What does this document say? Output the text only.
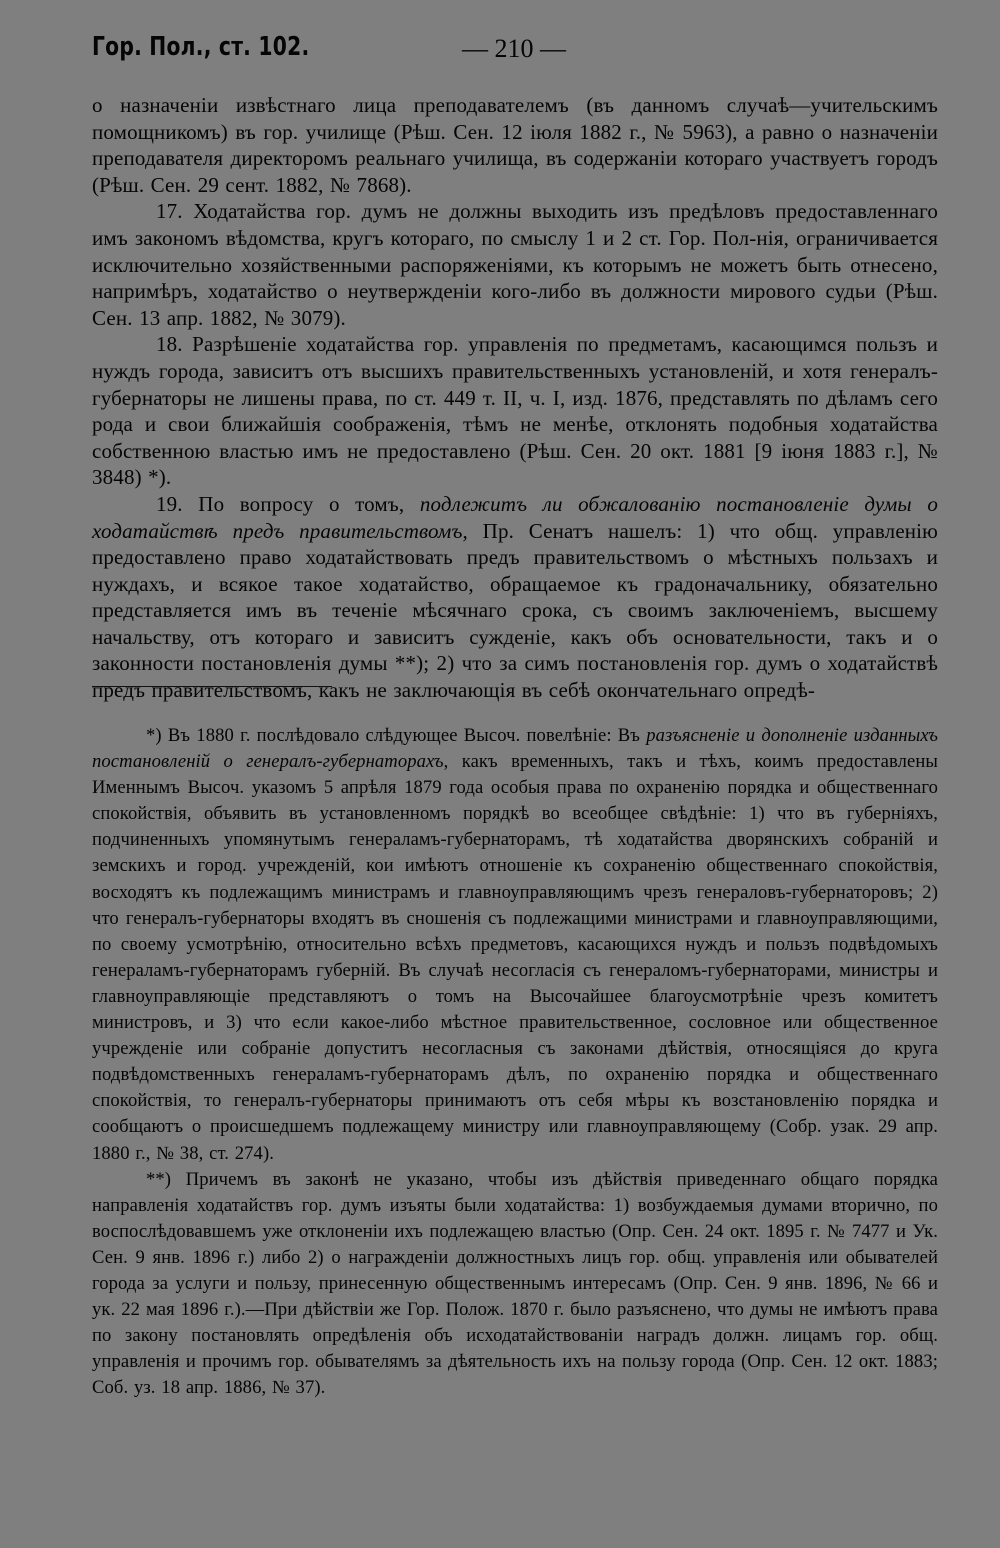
Гор. Пол., ст. 102.	— 210 —

о назначенiи извѣстнаго лица преподавателемъ (въ данномъ случаѣ—учительскимъ помощникомъ) въ гор. училище (Рѣш. Сен. 12 iюля 1882 г., № 5963), а равно о назначенiи преподавателя директоромъ реальнаго училища, въ содержанiи котораго участвуетъ городъ (Рѣш. Сен. 29 сент. 1882, № 7868).

17. Ходатайства гор. думъ не должны выходить изъ предѣловъ предоставленнаго имъ закономъ вѣдомства, кругъ котораго, по смыслу 1 и 2 ст. Гор. Пол-нiя, ограничивается исключительно хозяйственными распоряженiями, къ которымъ не можетъ быть отнесено, напримѣръ, ходатайство о неутвержденiи кого-либо въ должности мирового судьи (Рѣш. Сен. 13 апр. 1882, № 3079).

18. Разрѣшенiе ходатайства гор. управленiя по предметамъ, касающимся пользъ и нуждъ города, зависитъ отъ высшихъ правительственныхъ установленiй, и хотя генералъ-губернаторы не лишены права, по ст. 449 т. II, ч. I, изд. 1876, представлять по дѣламъ сего рода и свои ближайшiя соображенiя, тѣмъ не менѣе, отклонять подобныя ходатайства собственною властью имъ не предоставлено (Рѣш. Сен. 20 окт. 1881 [9 iюня 1883 г.], № 3848) *).

19. По вопросу о томъ, подлежитъ ли обжалованiю постановленiе думы о ходатайствѣ предъ правительствомъ, Пр. Сенатъ нашелъ: 1) что общ. управленiю предоставлено право ходатайствовать предъ правительствомъ о мѣстныхъ пользахъ и нуждахъ, и всякое такое ходатайство, обращаемое къ градоначальнику, обязательно представляется имъ въ теченiе мѣсячнаго срока, съ своимъ заключенiемъ, высшему начальству, отъ котораго и зависитъ сужденiе, какъ объ основательности, такъ и о законности постановленiя думы **); 2) что за симъ постановленiя гор. думъ о ходатайствѣ предъ правительствомъ, какъ не заключающiя въ себѣ окончательнаго опредѣ-

*) Въ 1880 г. послѣдовало слѣдующее Высоч. повелѣнiе: Въ разъясненiе и дополненiе изданныхъ постановленiй о генералъ-губернаторахъ, какъ временныхъ, такъ и тѣхъ, коимъ предоставлены Именнымъ Высоч. указомъ 5 апрѣля 1879 года особыя права по охраненiю порядка и общественнаго спокойствiя, объявить въ установленномъ порядкѣ во всеобщее свѣдѣнiе: 1) что въ губернiяхъ, подчиненныхъ упомянутымъ генераламъ-губернаторамъ, тѣ ходатайства дворянскихъ собранiй и земскихъ и город. учрежденiй, кои имѣютъ отношенiе къ сохраненiю общественнаго спокойствiя, восходятъ къ подлежащимъ министрамъ и главноуправляющимъ чрезъ генераловъ-губернаторовъ; 2) что генералъ-губернаторы входятъ въ сношенiя съ подлежащими министрами и главноуправляющими, по своему усмотрѣнiю, относительно всѣхъ предметовъ, касающихся нуждъ и пользъ подвѣдомыхъ генераламъ-губернаторамъ губернiй. Въ случаѣ несогласiя съ генераломъ-губернаторами, министры и главноуправляющiе представляютъ о томъ на Высочайшее благоусмотрѣнiе чрезъ комитетъ министровъ, и 3) что если какое-либо мѣстное правительственное, сословное или общественное учрежденiе или собранiе допуститъ несогласныя съ законами дѣйствiя, относящiяся до круга подвѣдомственныхъ генераламъ-губернаторамъ дѣлъ, по охраненiю порядка и общественнаго спокойствiя, то генералъ-губернаторы принимаютъ отъ себя мѣры къ возстановленiю порядка и сообщаютъ о происшедшемъ подлежащему министру или главноуправляющему (Собр. узак. 29 апр. 1880 г., № 38, ст. 274).

**) Причемъ въ законѣ не указано, чтобы изъ дѣйствiя приведеннаго общаго порядка направленiя ходатайствъ гор. думъ изъяты были ходатайства: 1) возбуждаемыя думами вторично, по воспослѣдовавшемъ уже отклоненiи ихъ подлежащею властью (Опр. Сен. 24 окт. 1895 г. № 7477 и Ук. Сен. 9 янв. 1896 г.) либо 2) о награжденiи должностныхъ лицъ гор. общ. управленiя или обывателей города за услуги и пользу, принесенную общественнымъ интересамъ (Опр. Сен. 9 янв. 1896, № 66 и ук. 22 мая 1896 г.).—При дѣйствiи же Гор. Полож. 1870 г. было разъяснено, что думы не имѣютъ права по закону постановлять опредѣленiя объ исходатайствованiи наградъ должн. лицамъ гор. общ. управленiя и прочимъ гор. обывателямъ за дѣятельность ихъ на пользу города (Опр. Сен. 12 окт. 1883; Соб. уз. 18 апр. 1886, № 37).
